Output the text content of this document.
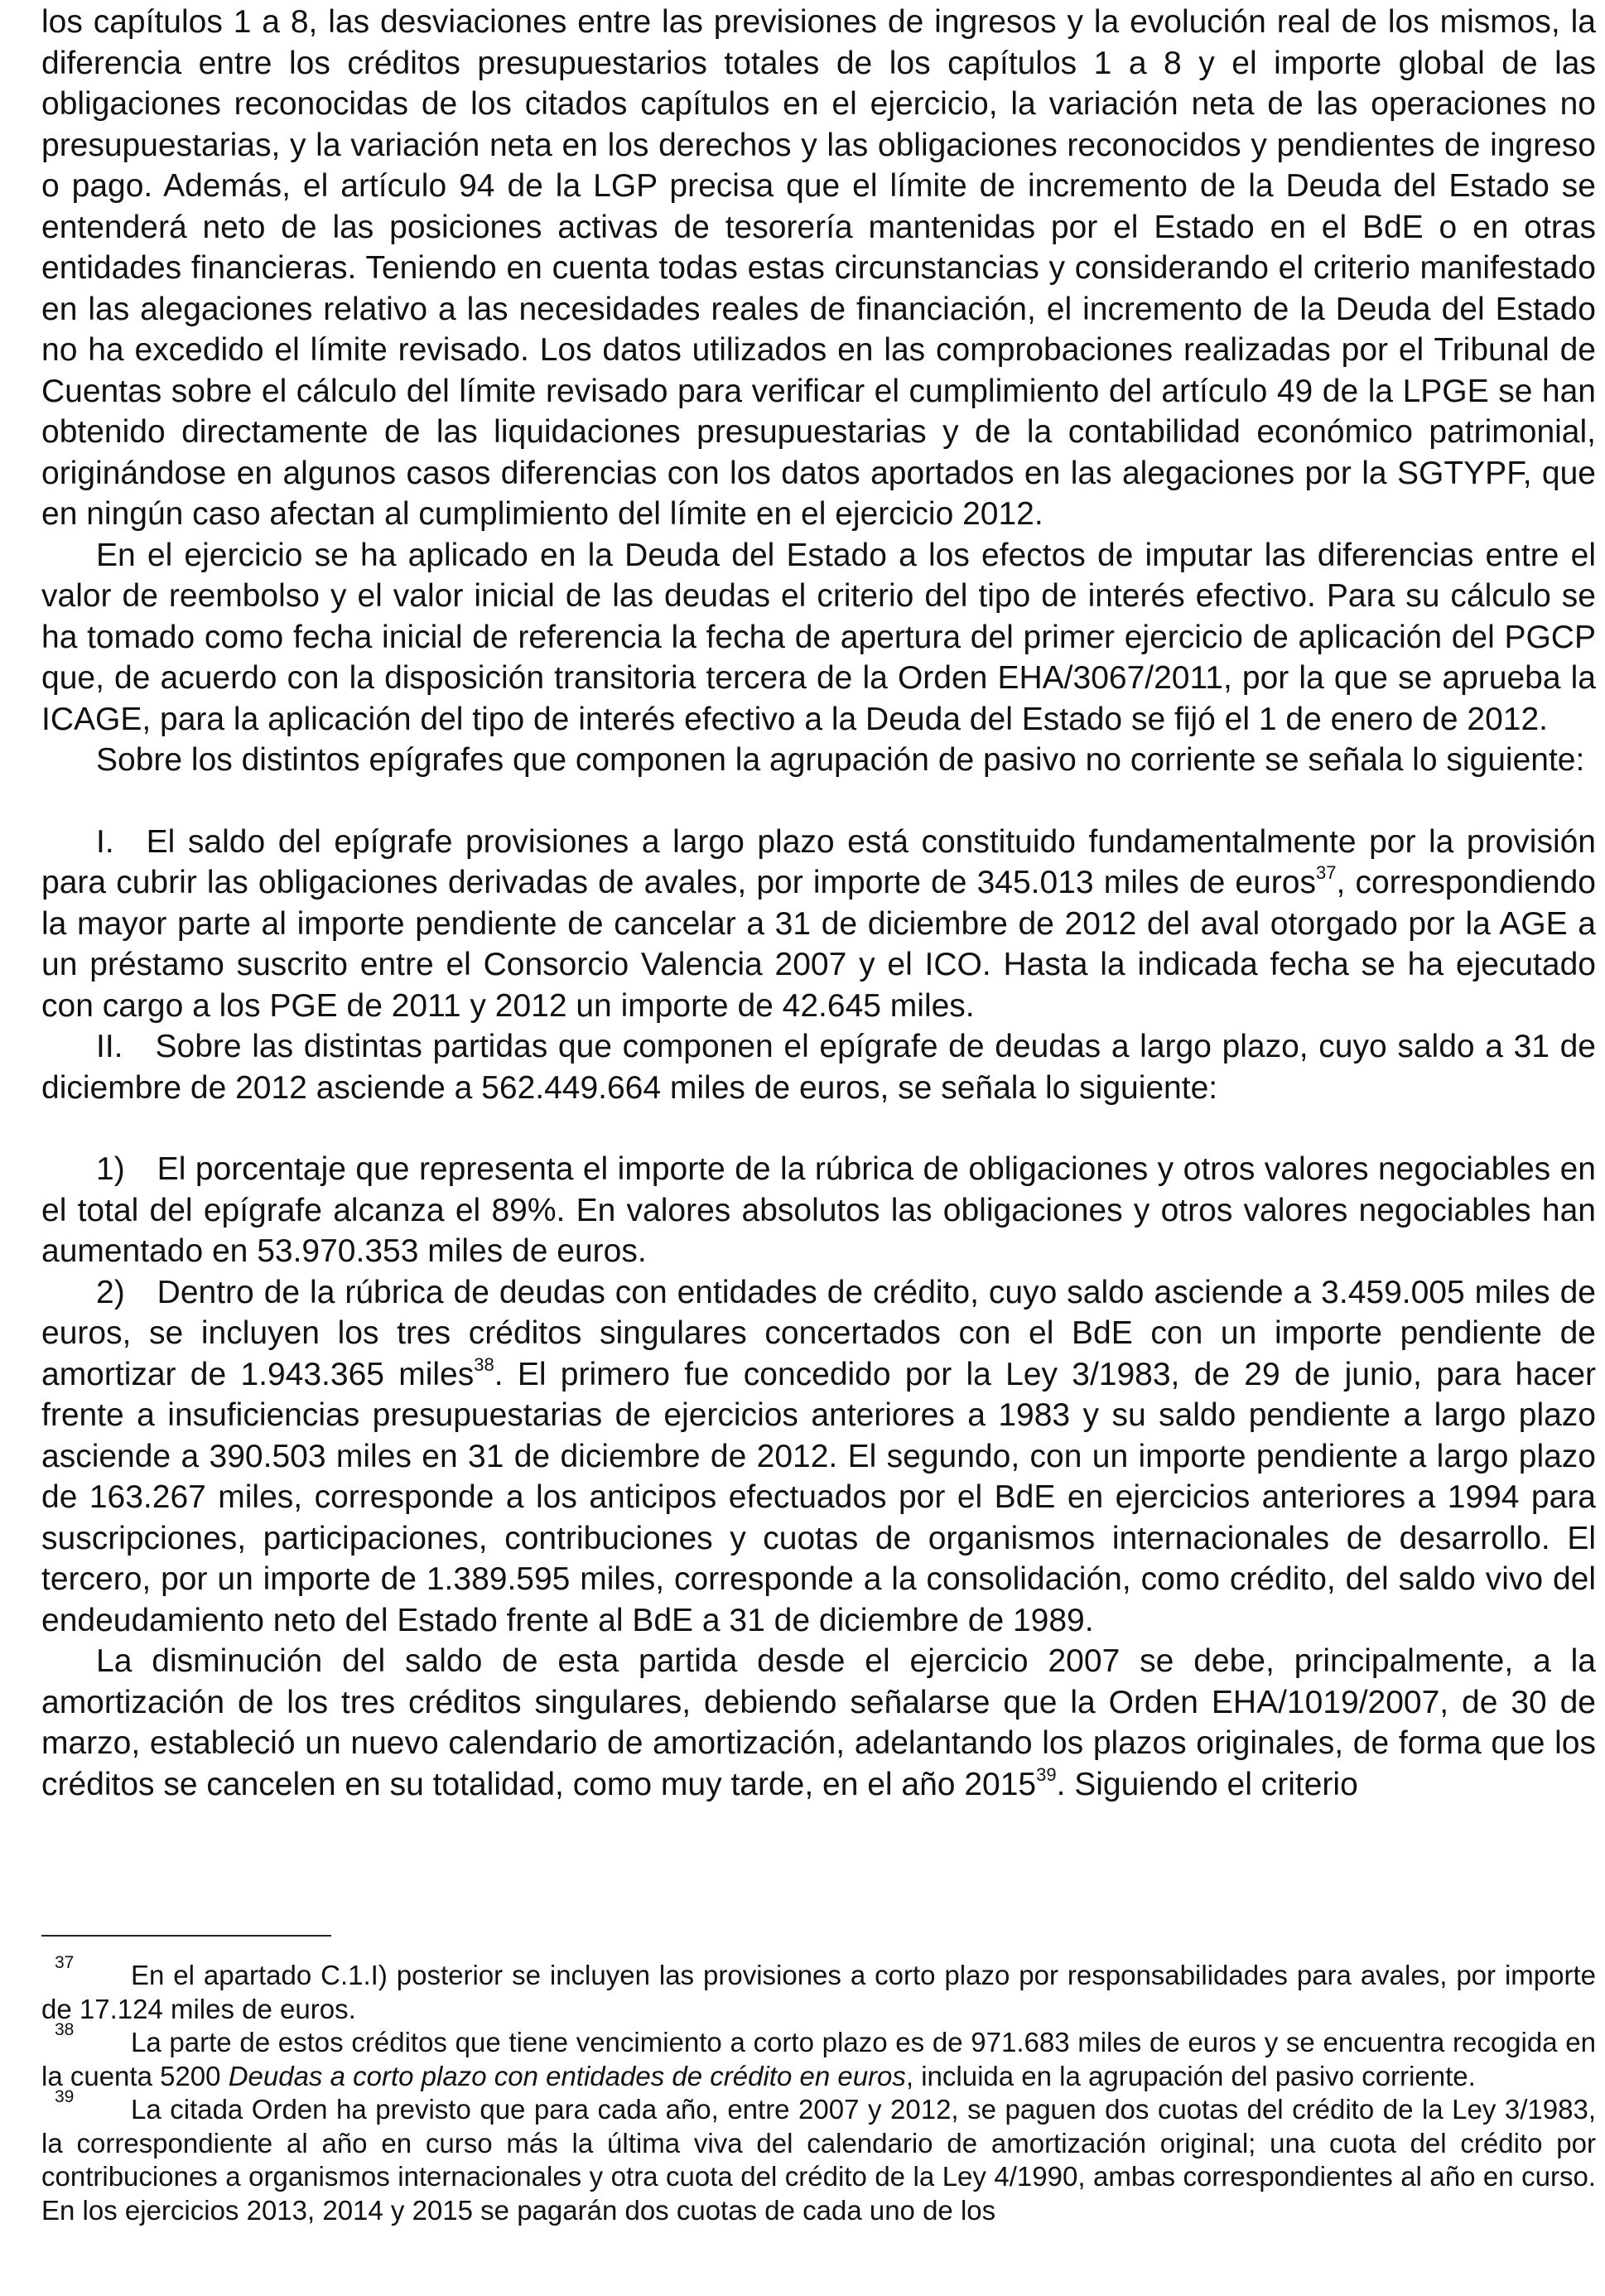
los capítulos 1 a 8, las desviaciones entre las previsiones de ingresos y la evolución real de los mismos, la diferencia entre los créditos presupuestarios totales de los capítulos 1 a 8 y el importe global de las obligaciones reconocidas de los citados capítulos en el ejercicio, la variación neta de las operaciones no presupuestarias, y la variación neta en los derechos y las obligaciones reconocidos y pendientes de ingreso o pago. Además, el artículo 94 de la LGP precisa que el límite de incremento de la Deuda del Estado se entenderá neto de las posiciones activas de tesorería mantenidas por el Estado en el BdE o en otras entidades financieras. Teniendo en cuenta todas estas circunstancias y considerando el criterio manifestado en las alegaciones relativo a las necesidades reales de financiación, el incremento de la Deuda del Estado no ha excedido el límite revisado. Los datos utilizados en las comprobaciones realizadas por el Tribunal de Cuentas sobre el cálculo del límite revisado para verificar el cumplimiento del artículo 49 de la LPGE se han obtenido directamente de las liquidaciones presupuestarias y de la contabilidad económico patrimonial, originándose en algunos casos diferencias con los datos aportados en las alegaciones por la SGTYPF, que en ningún caso afectan al cumplimiento del límite en el ejercicio 2012.

En el ejercicio se ha aplicado en la Deuda del Estado a los efectos de imputar las diferencias entre el valor de reembolso y el valor inicial de las deudas el criterio del tipo de interés efectivo. Para su cálculo se ha tomado como fecha inicial de referencia la fecha de apertura del primer ejercicio de aplicación del PGCP que, de acuerdo con la disposición transitoria tercera de la Orden EHA/3067/2011, por la que se aprueba la ICAGE, para la aplicación del tipo de interés efectivo a la Deuda del Estado se fijó el 1 de enero de 2012.

Sobre los distintos epígrafes que componen la agrupación de pasivo no corriente se señala lo siguiente:

I. El saldo del epígrafe provisiones a largo plazo está constituido fundamentalmente por la provisión para cubrir las obligaciones derivadas de avales, por importe de 345.013 miles de euros$^{37}$, correspondiendo la mayor parte al importe pendiente de cancelar a 31 de diciembre de 2012 del aval otorgado por la AGE a un préstamo suscrito entre el Consorcio Valencia 2007 y el ICO. Hasta la indicada fecha se ha ejecutado con cargo a los PGE de 2011 y 2012 un importe de 42.645 miles.

II. Sobre las distintas partidas que componen el epígrafe de deudas a largo plazo, cuyo saldo a 31 de diciembre de 2012 asciende a 562.449.664 miles de euros, se señala lo siguiente:

1) El porcentaje que representa el importe de la rúbrica de obligaciones y otros valores negociables en el total del epígrafe alcanza el 89%. En valores absolutos las obligaciones y otros valores negociables han aumentado en 53.970.353 miles de euros.

2) Dentro de la rúbrica de deudas con entidades de crédito, cuyo saldo asciende a 3.459.005 miles de euros, se incluyen los tres créditos singulares concertados con el BdE con un importe pendiente de amortizar de 1.943.365 miles$^{38}$. El primero fue concedido por la Ley 3/1983, de 29 de junio, para hacer frente a insuficiencias presupuestarias de ejercicios anteriores a 1983 y su saldo pendiente a largo plazo asciende a 390.503 miles en 31 de diciembre de 2012. El segundo, con un importe pendiente a largo plazo de 163.267 miles, corresponde a los anticipos efectuados por el BdE en ejercicios anteriores a 1994 para suscripciones, participaciones, contribuciones y cuotas de organismos internacionales de desarrollo. El tercero, por un importe de 1.389.595 miles, corresponde a la consolidación, como crédito, del saldo vivo del endeudamiento neto del Estado frente al BdE a 31 de diciembre de 1989.

La disminución del saldo de esta partida desde el ejercicio 2007 se debe, principalmente, a la amortización de los tres créditos singulares, debiendo señalarse que la Orden EHA/1019/2007, de 30 de marzo, estableció un nuevo calendario de amortización, adelantando los plazos originales, de forma que los créditos se cancelen en su totalidad, como muy tarde, en el año 2015$^{39}$. Siguiendo el criterio

37 En el apartado C.1.I) posterior se incluyen las provisiones a corto plazo por responsabilidades para avales, por importe de 17.124 miles de euros.

38 La parte de estos créditos que tiene vencimiento a corto plazo es de 971.683 miles de euros y se encuentra recogida en la cuenta 5200 Deudas a corto plazo con entidades de crédito en euros, incluida en la agrupación del pasivo corriente.

39 La citada Orden ha previsto que para cada año, entre 2007 y 2012, se paguen dos cuotas del crédito de la Ley 3/1983, la correspondiente al año en curso más la última viva del calendario de amortización original; una cuota del crédito por contribuciones a organismos internacionales y otra cuota del crédito de la Ley 4/1990, ambas correspondientes al año en curso. En los ejercicios 2013, 2014 y 2015 se pagarán dos cuotas de cada uno de los
